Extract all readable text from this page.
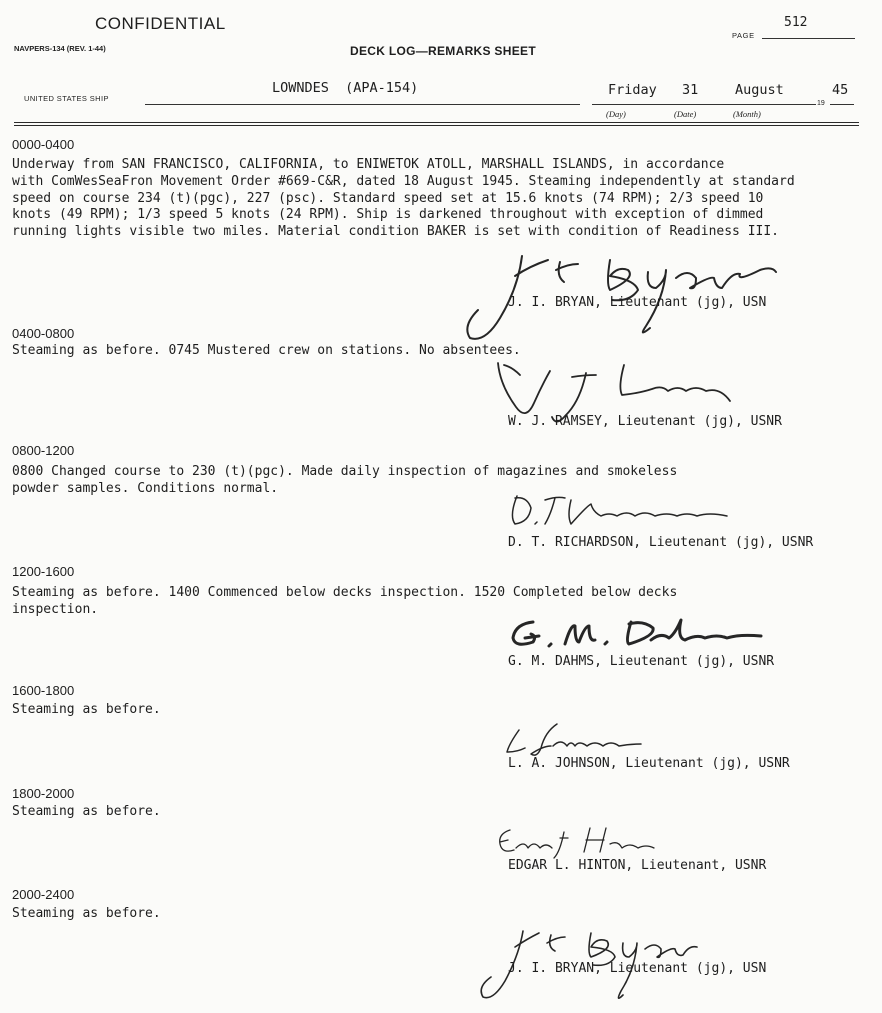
CONFIDENTIAL
NAVPERS-134 (REV. 1-44)	DECK LOG—REMARKS SHEET
PAGE
512
UNITED STATES SHIP
LOWNDES  (APA-154)	Friday 31	August
19
45
(Day)	(Date)	(Month)
0000-0400
Underway from SAN FRANCISCO, CALIFORNIA, to ENIWETOK ATOLL, MARSHALL ISLANDS, in accordance
with ComWesSeaFron Movement Order #669-C&R, dated 18 August 1945. Steaming independently at standard
speed on course 234 (t)(pgc), 227 (psc). Standard speed set at 15.6 knots (74 RPM); 2/3 speed 10
knots (49 RPM); 1/3 speed 5 knots (24 RPM). Ship is darkened throughout with exception of dimmed
running lights visible two miles. Material condition BAKER is set with condition of Readiness III.
J. I. BRYAN, Lieutenant (jg), USN
0400-0800
Steaming as before. 0745 Mustered crew on stations. No absentees.
W. J. RAMSEY, Lieutenant (jg), USNR
0800-1200
0800 Changed course to 230 (t)(pgc). Made daily inspection of magazines and smokeless
powder samples. Conditions normal.
D. T. RICHARDSON, Lieutenant (jg), USNR
1200-1600
Steaming as before. 1400 Commenced below decks inspection. 1520 Completed below decks
inspection.
G. M. DAHMS, Lieutenant (jg), USNR
1600-1800
Steaming as before.
L. A. JOHNSON, Lieutenant (jg), USNR
1800-2000
Steaming as before.
EDGAR L. HINTON, Lieutenant, USNR
2000-2400
Steaming as before.
J. I. BRYAN, Lieutenant (jg), USN
